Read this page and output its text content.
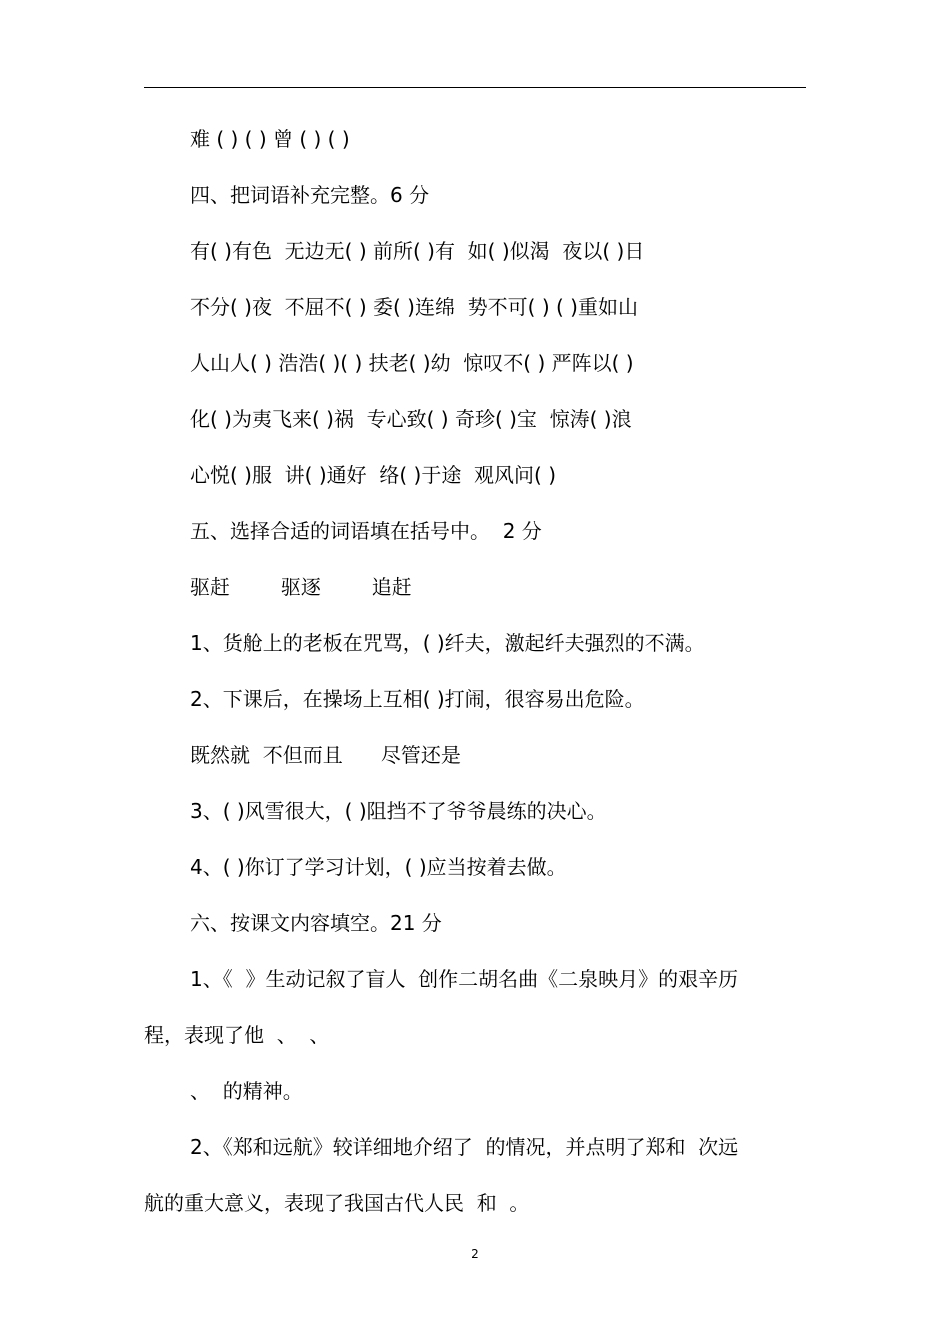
难 ( ) ( ) 曾 ( ) ( )
四、把词语补充完整。6 分
有( )有色  无边无( ) 前所( )有  如( )似渴  夜以( )日
不分( )夜  不屈不( ) 委( )连绵  势不可( ) ( )重如山
人山人( ) 浩浩( )( ) 扶老( )幼  惊叹不( ) 严阵以( )
化( )为夷飞来( )祸  专心致( ) 奇珍( )宝  惊涛( )浪
心悦( )服  讲( )通好  络( )于途  观风问( )
五、选择合适的词语填在括号中。  2 分
驱赶        驱逐        追赶
1、货舱上的老板在咒骂，( )纤夫，激起纤夫强烈的不满。
2、下课后，在操场上互相( )打闹，很容易出危险。
既然就  不但而且      尽管还是
3、( )风雪很大，( )阻挡不了爷爷晨练的决心。
4、( )你订了学习计划，( )应当按着去做。
六、按课文内容填空。21 分
1、《  》生动记叙了盲人  创作二胡名曲《二泉映月》的艰辛历
程，表现了他  、  、
、  的精神。
2、《郑和远航》较详细地介绍了  的情况，并点明了郑和  次远
航的重大意义，表现了我国古代人民  和  。
2
